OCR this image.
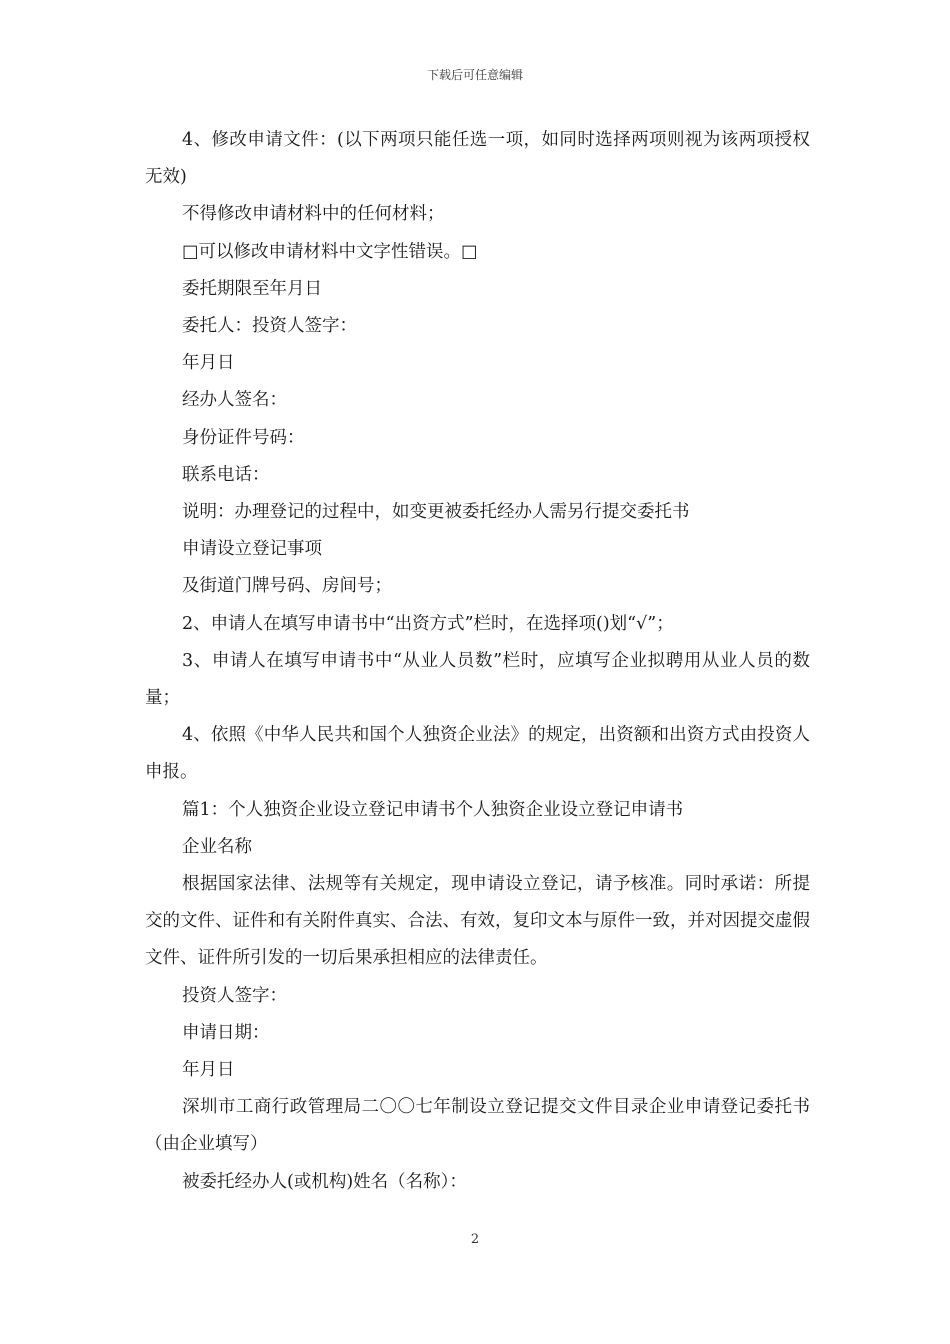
下载后可任意编辑

4、修改申请文件：(以下两项只能任选一项，如同时选择两项则视为该两项授权无效)

不得修改申请材料中的任何材料；

□可以修改申请材料中文字性错误。□

委托期限至年月日

委托人：投资人签字：

年月日

经办人签名：

身份证件号码：

联系电话：

说明：办理登记的过程中，如变更被委托经办人需另行提交委托书

申请设立登记事项

及街道门牌号码、房间号；

2、申请人在填写申请书中“出资方式”栏时，在选择项()划“√”；

3、申请人在填写申请书中“从业人员数”栏时，应填写企业拟聘用从业人员的数量；

4、依照《中华人民共和国个人独资企业法》的规定，出资额和出资方式由投资人申报。

篇1：个人独资企业设立登记申请书个人独资企业设立登记申请书

企业名称

根据国家法律、法规等有关规定，现申请设立登记，请予核准。同时承诺：所提交的文件、证件和有关附件真实、合法、有效，复印文本与原件一致，并对因提交虚假文件、证件所引发的一切后果承担相应的法律责任。

投资人签字：

申请日期：

年月日

深圳市工商行政管理局二〇〇七年制设立登记提交文件目录企业申请登记委托书（由企业填写）

被委托经办人(或机构)姓名（名称）：

2
